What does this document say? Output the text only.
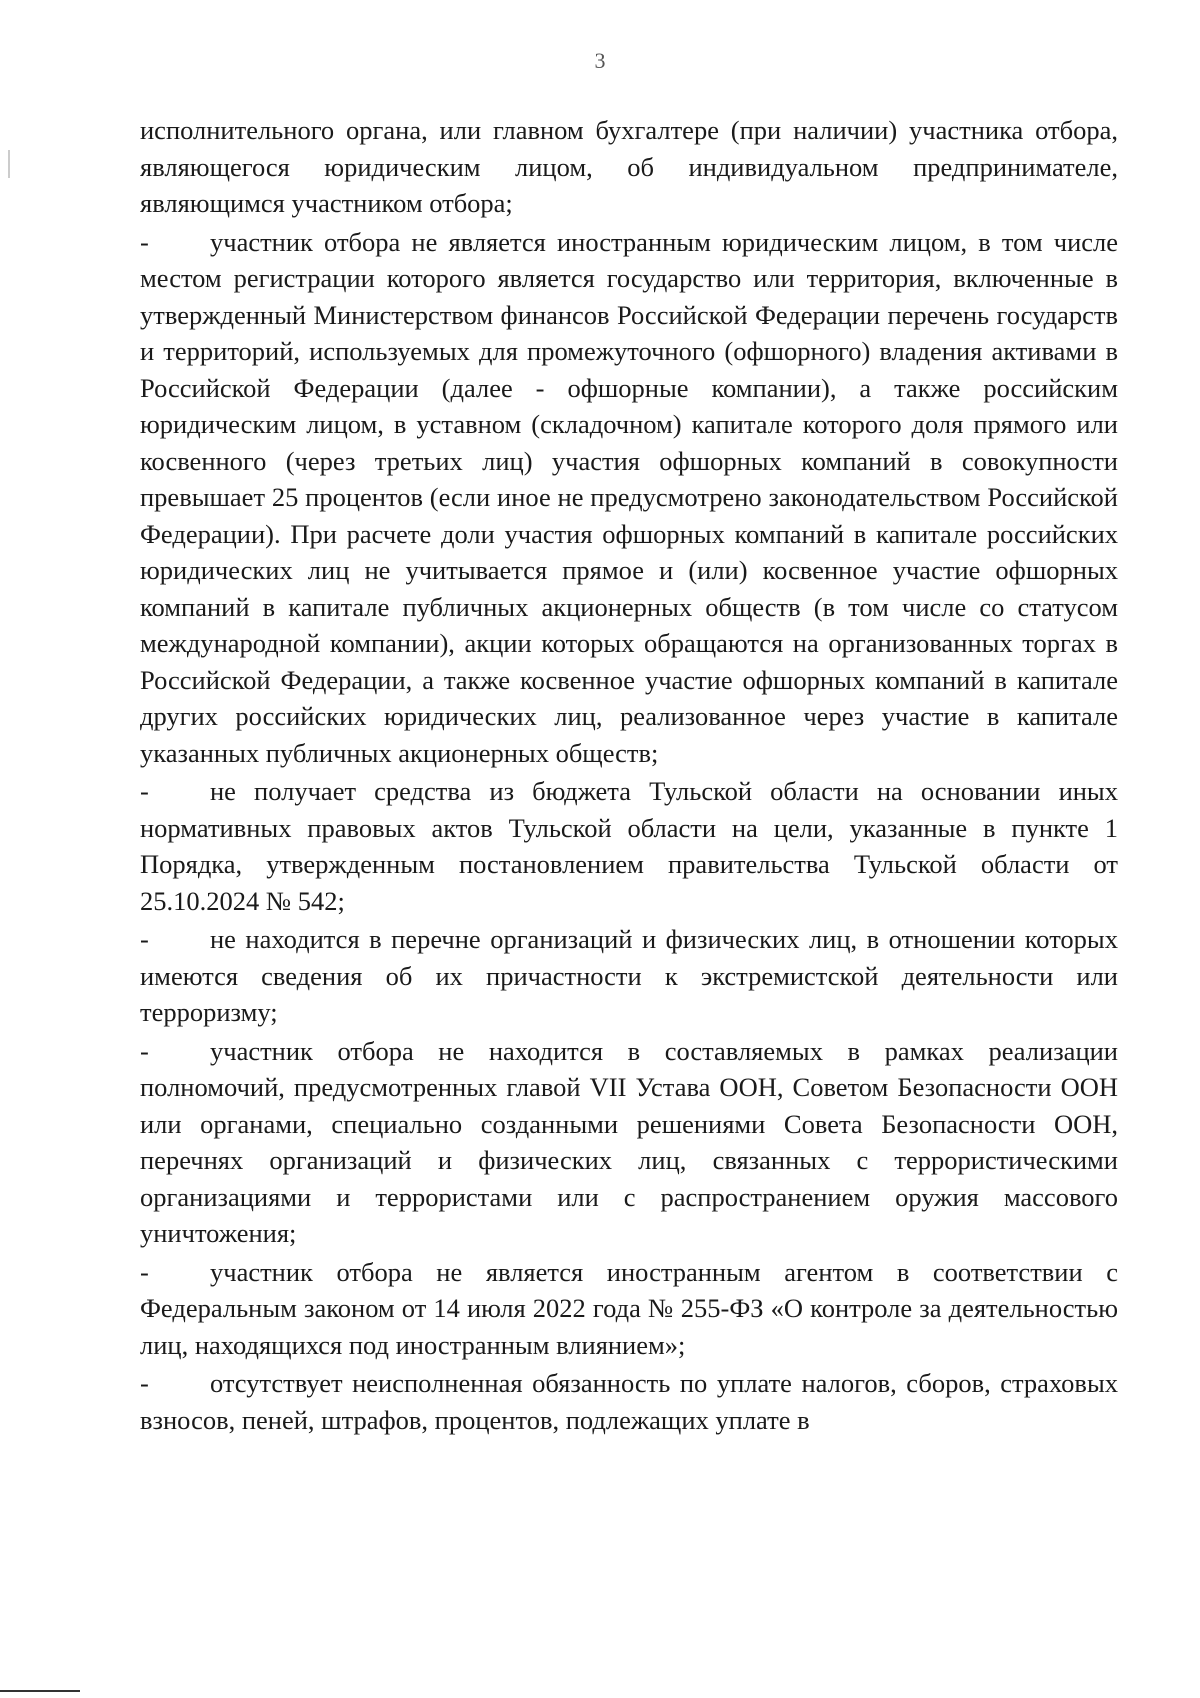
3

исполнительного органа, или главном бухгалтере (при наличии) участника отбора, являющегося юридическим лицом, об индивидуальном предпринимателе, являющимся участником отбора;

- участник отбора не является иностранным юридическим лицом, в том числе местом регистрации которого является государство или территория, включенные в утвержденный Министерством финансов Российской Федерации перечень государств и территорий, используемых для промежуточного (офшорного) владения активами в Российской Федерации (далее - офшорные компании), а также российским юридическим лицом, в уставном (складочном) капитале которого доля прямого или косвенного (через третьих лиц) участия офшорных компаний в совокупности превышает 25 процентов (если иное не предусмотрено законодательством Российской Федерации). При расчете доли участия офшорных компаний в капитале российских юридических лиц не учитывается прямое и (или) косвенное участие офшорных компаний в капитале публичных акционерных обществ (в том числе со статусом международной компании), акции которых обращаются на организованных торгах в Российской Федерации, а также косвенное участие офшорных компаний в капитале других российских юридических лиц, реализованное через участие в капитале указанных публичных акционерных обществ;

- не получает средства из бюджета Тульской области на основании иных нормативных правовых актов Тульской области на цели, указанные в пункте 1 Порядка, утвержденным постановлением правительства Тульской области от 25.10.2024 № 542;

- не находится в перечне организаций и физических лиц, в отношении которых имеются сведения об их причастности к экстремистской деятельности или терроризму;

- участник отбора не находится в составляемых в рамках реализации полномочий, предусмотренных главой VII Устава ООН, Советом Безопасности ООН или органами, специально созданными решениями Совета Безопасности ООН, перечнях организаций и физических лиц, связанных с террористическими организациями и террористами или с распространением оружия массового уничтожения;

- участник отбора не является иностранным агентом в соответствии с Федеральным законом от 14 июля 2022 года № 255-ФЗ «О контроле за деятельностью лиц, находящихся под иностранным влиянием»;

- отсутствует неисполненная обязанность по уплате налогов, сборов, страховых взносов, пеней, штрафов, процентов, подлежащих уплате в
